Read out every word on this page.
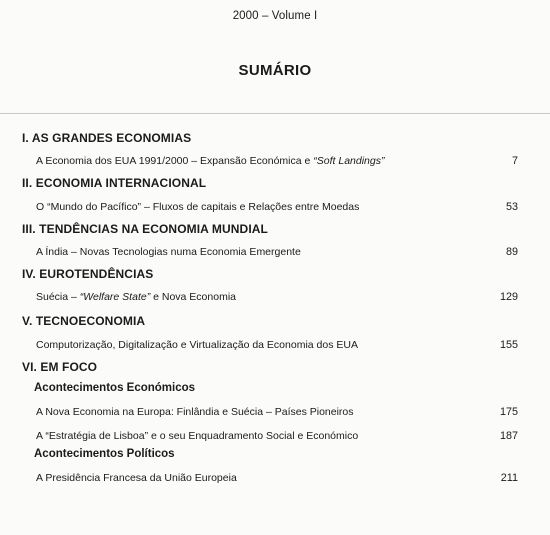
2000 – Volume I
SUMÁRIO
I. AS GRANDES ECONOMIAS
A Economia dos EUA 1991/2000 – Expansão Económica e “Soft Landings”	7
II. ECONOMIA INTERNACIONAL
O “Mundo do Pacífico” – Fluxos de capitais e Relações entre Moedas	53
III. TENDÊNCIAS NA ECONOMIA MUNDIAL
A Índia – Novas Tecnologias numa Economia Emergente	89
IV. EUROTENDÊNCIAS
Suécia – “Welfare State” e Nova Economia	129
V. TECNOECONOMIA
Computorização, Digitalização e Virtualização da Economia dos EUA	155
VI. EM FOCO
Acontecimentos Económicos
A Nova Economia na Europa: Finlândia e Suécia – Países Pioneiros	175
A “Estratégia de Lisboa” e o seu Enquadramento Social e Económico	187
Acontecimentos Políticos
A Presidência Francesa da União Europeia	211
